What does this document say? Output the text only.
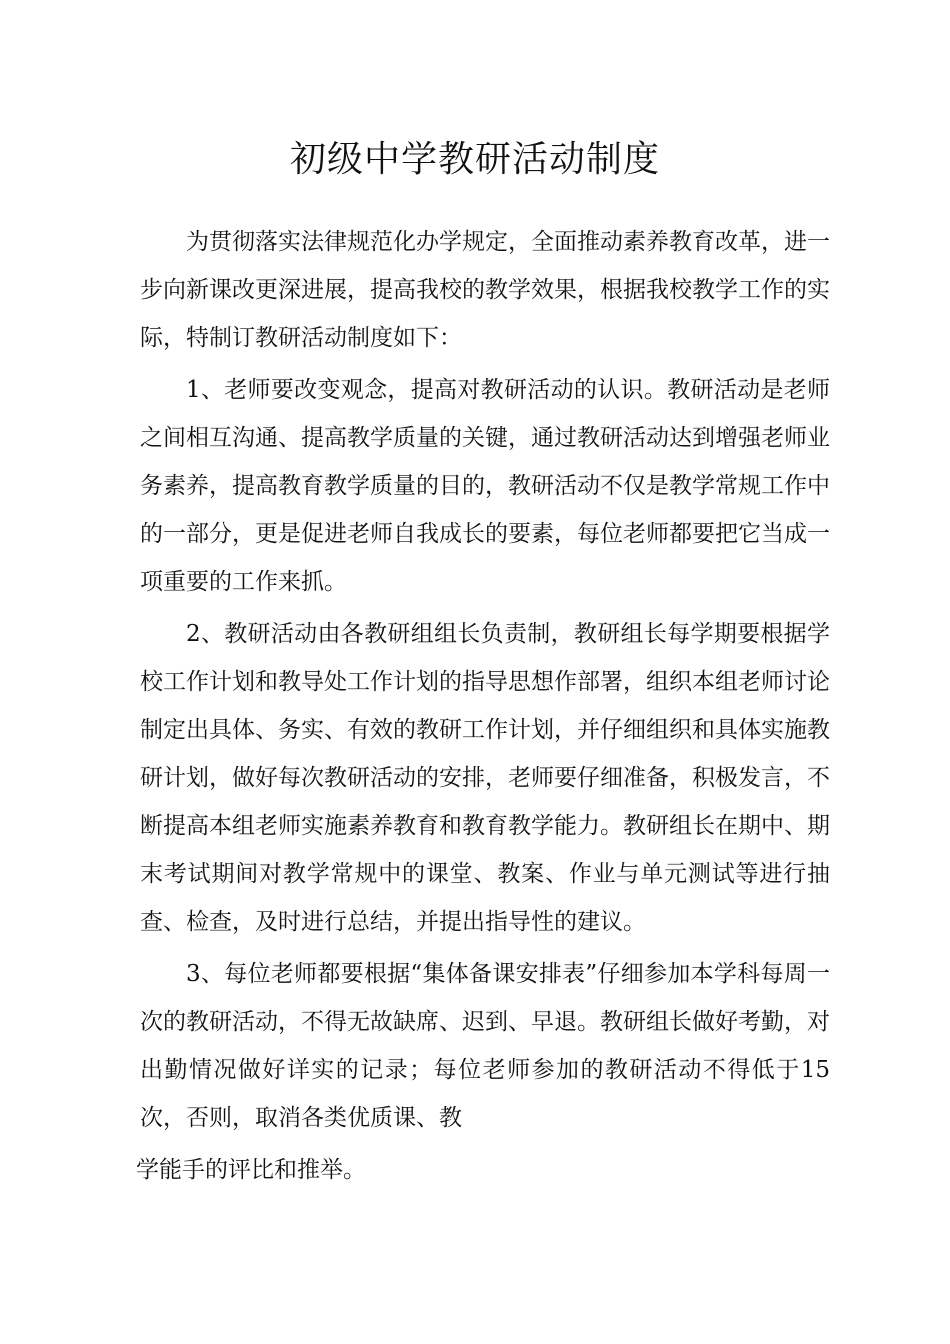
初级中学教研活动制度

为贯彻落实法律规范化办学规定，全面推动素养教育改革，进一步向新课改更深进展，提高我校的教学效果，根据我校教学工作的实际，特制订教研活动制度如下：

1、老师要改变观念，提高对教研活动的认识。教研活动是老师之间相互沟通、提高教学质量的关键，通过教研活动达到增强老师业务素养，提高教育教学质量的目的，教研活动不仅是教学常规工作中的一部分，更是促进老师自我成长的要素，每位老师都要把它当成一项重要的工作来抓。

2、教研活动由各教研组组长负责制，教研组长每学期要根据学校工作计划和教导处工作计划的指导思想作部署，组织本组老师讨论制定出具体、务实、有效的教研工作计划，并仔细组织和具体实施教研计划，做好每次教研活动的安排，老师要仔细准备，积极发言，不断提高本组老师实施素养教育和教育教学能力。教研组长在期中、期末考试期间对教学常规中的课堂、教案、作业与单元测试等进行抽查、检查，及时进行总结，并提出指导性的建议。

3、每位老师都要根据“集体备课安排表”仔细参加本学科每周一次的教研活动，不得无故缺席、迟到、早退。教研组长做好考勤，对出勤情况做好详实的记录；每位老师参加的教研活动不得低于15次，否则，取消各类优质课、教

学能手的评比和推举。
